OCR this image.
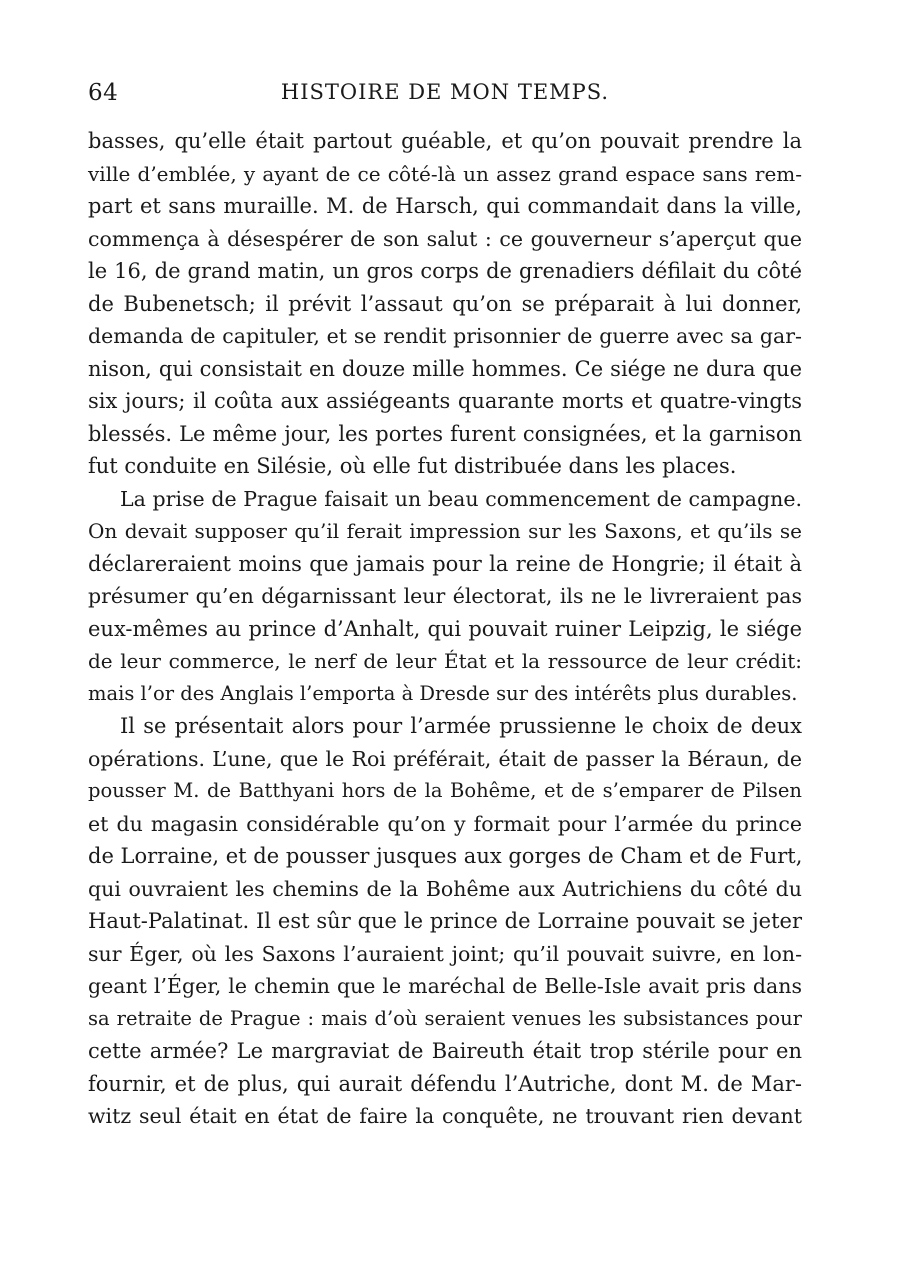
64	HISTOIRE DE MON TEMPS.

basses, qu’elle était partout guéable, et qu’on pouvait prendre la
ville d’emblée, y ayant de ce côté-là un assez grand espace sans rem-
part et sans muraille. M. de Harsch, qui commandait dans la ville,
commença à désespérer de son salut : ce gouverneur s’aperçut que
le 16, de grand matin, un gros corps de grenadiers défilait du côté
de Bubenetsch; il prévit l’assaut qu’on se préparait à lui donner,
demanda de capituler, et se rendit prisonnier de guerre avec sa gar-
nison, qui consistait en douze mille hommes. Ce siége ne dura que
six jours; il coûta aux assiégeants quarante morts et quatre-vingts
blessés. Le même jour, les portes furent consignées, et la garnison
fut conduite en Silésie, où elle fut distribuée dans les places.

La prise de Prague faisait un beau commencement de campagne.
On devait supposer qu’il ferait impression sur les Saxons, et qu’ils se
déclareraient moins que jamais pour la reine de Hongrie; il était à
présumer qu’en dégarnissant leur électorat, ils ne le livreraient pas
eux-mêmes au prince d’Anhalt, qui pouvait ruiner Leipzig, le siége
de leur commerce, le nerf de leur État et la ressource de leur crédit:
mais l’or des Anglais l’emporta à Dresde sur des intérêts plus durables.

Il se présentait alors pour l’armée prussienne le choix de deux
opérations. L’une, que le Roi préférait, était de passer la Béraun, de
pousser M. de Batthyani hors de la Bohême, et de s’emparer de Pilsen
et du magasin considérable qu’on y formait pour l’armée du prince
de Lorraine, et de pousser jusques aux gorges de Cham et de Furt,
qui ouvraient les chemins de la Bohême aux Autrichiens du côté du
Haut-Palatinat. Il est sûr que le prince de Lorraine pouvait se jeter
sur Éger, où les Saxons l’auraient joint; qu’il pouvait suivre, en lon-
geant l’Éger, le chemin que le maréchal de Belle-Isle avait pris dans
sa retraite de Prague : mais d’où seraient venues les subsistances pour
cette armée? Le margraviat de Baireuth était trop stérile pour en
fournir, et de plus, qui aurait défendu l’Autriche, dont M. de Mar-
witz seul était en état de faire la conquête, ne trouvant rien devant
